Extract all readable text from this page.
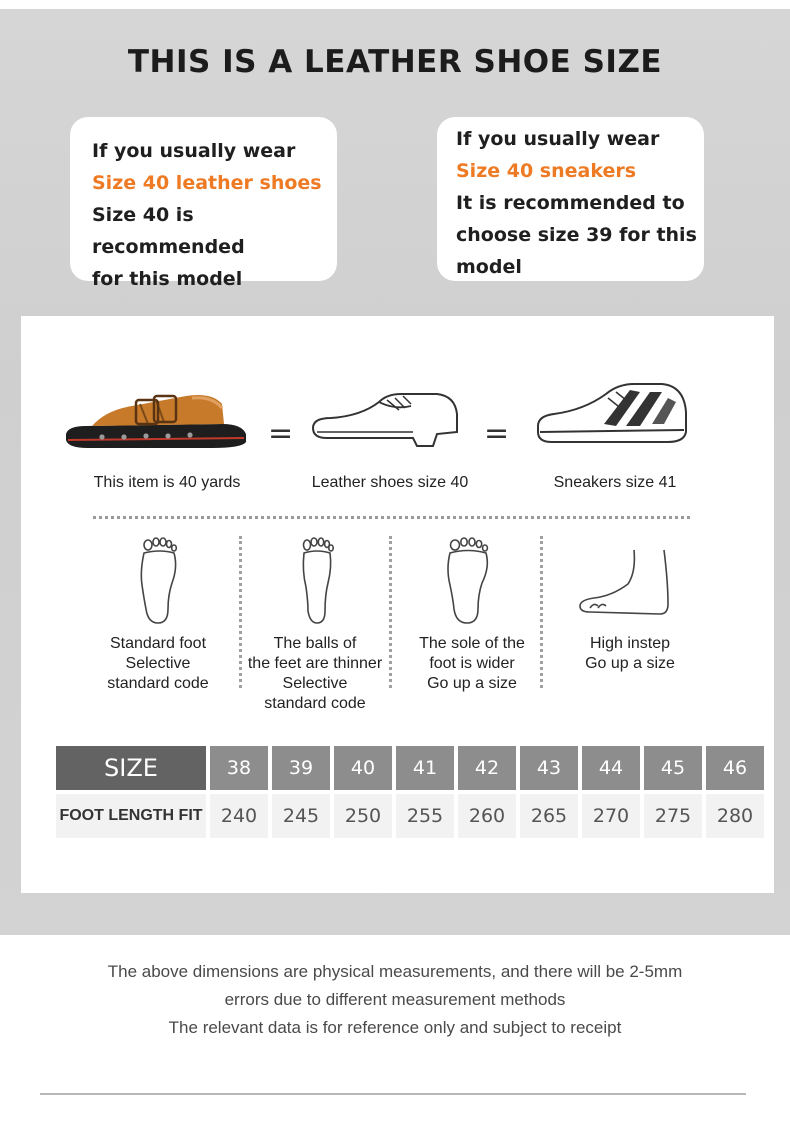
THIS IS A LEATHER SHOE SIZE
If you usually wear
Size 40 leather shoes
Size 40 is recommended
for this model
If you usually wear
Size 40 sneakers
It is recommended to
choose size 39 for this
model
=	=
This item is 40 yards	Leather shoes size 40	Sneakers size 41
Standard foot
Selective
standard code
The balls of
the feet are thinner
Selective
standard code
The sole of the
foot is wider
Go up a size
High instep
Go up a size
SIZE	38	39	40	41	42	43	44	45	46
FOOT LENGTH FIT 240	245	250	255	260	265	270	275	280
The above dimensions are physical measurements, and there will be 2-5mm
errors due to different measurement methods
The relevant data is for reference only and subject to receipt
